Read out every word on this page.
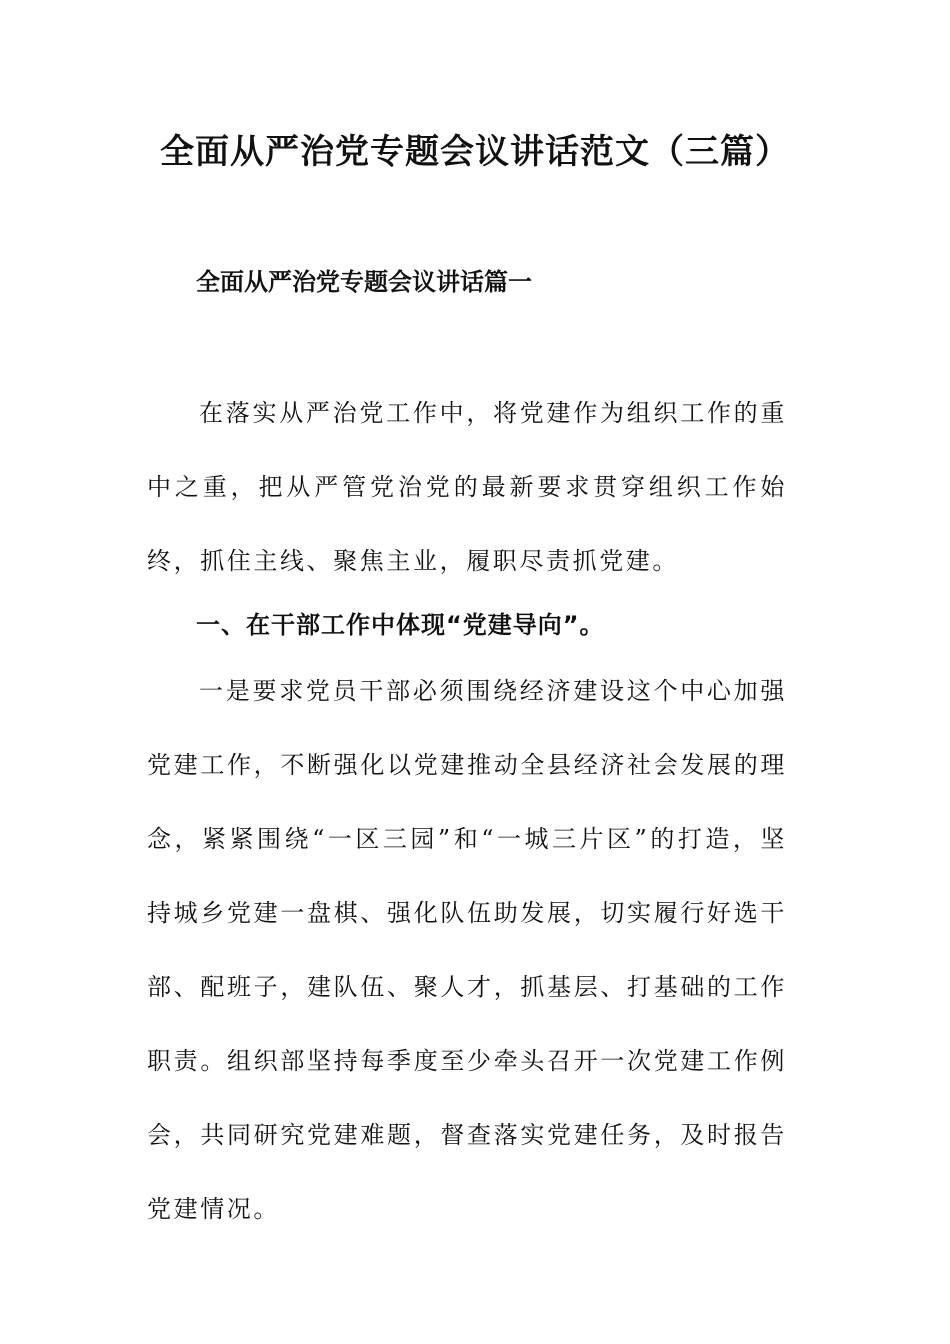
全面从严治党专题会议讲话范文（三篇）
全面从严治党专题会议讲话篇一

在落实从严治党工作中，将党建作为组织工作的重中之重，把从严管党治党的最新要求贯穿组织工作始终，抓住主线、聚焦主业，履职尽责抓党建。

一、在干部工作中体现“党建导向”。

一是要求党员干部必须围绕经济建设这个中心加强党建工作，不断强化以党建推动全县经济社会发展的理念，紧紧围绕“一区三园”和“一城三片区”的打造，坚持城乡党建一盘棋、强化队伍助发展，切实履行好选干部、配班子，建队伍、聚人才，抓基层、打基础的工作职责。组织部坚持每季度至少牵头召开一次党建工作例会，共同研究党建难题，督查落实党建任务，及时报告党建情况。
